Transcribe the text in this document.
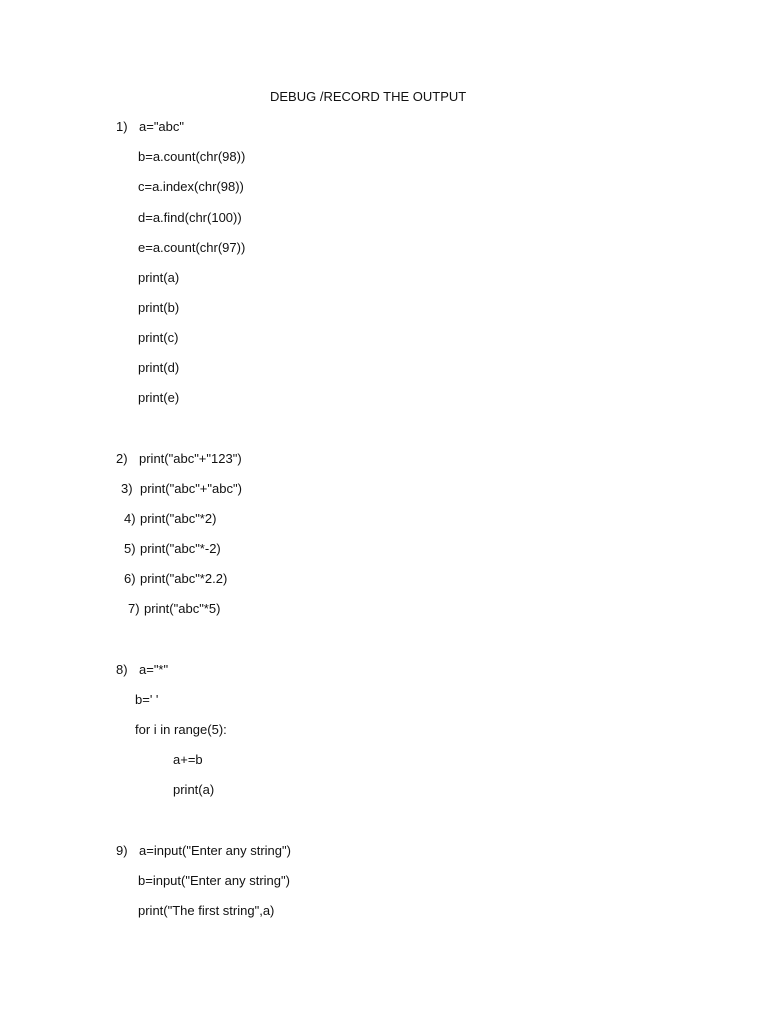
DEBUG /RECORD THE OUTPUT
1) a="abc"
b=a.count(chr(98))
c=a.index(chr(98))
d=a.find(chr(100))
e=a.count(chr(97))
print(a)
print(b)
print(c)
print(d)
print(e)
2) print("abc"+"123")
3) print("abc"+"abc")
4) print("abc"*2)
5) print("abc"*-2)
6) print("abc"*2.2)
7) print("abc"*5)
8) a="*"
b=' '
for i in range(5):
a+=b
print(a)
9) a=input("Enter any string")
b=input("Enter any string")
print("The first string",a)
